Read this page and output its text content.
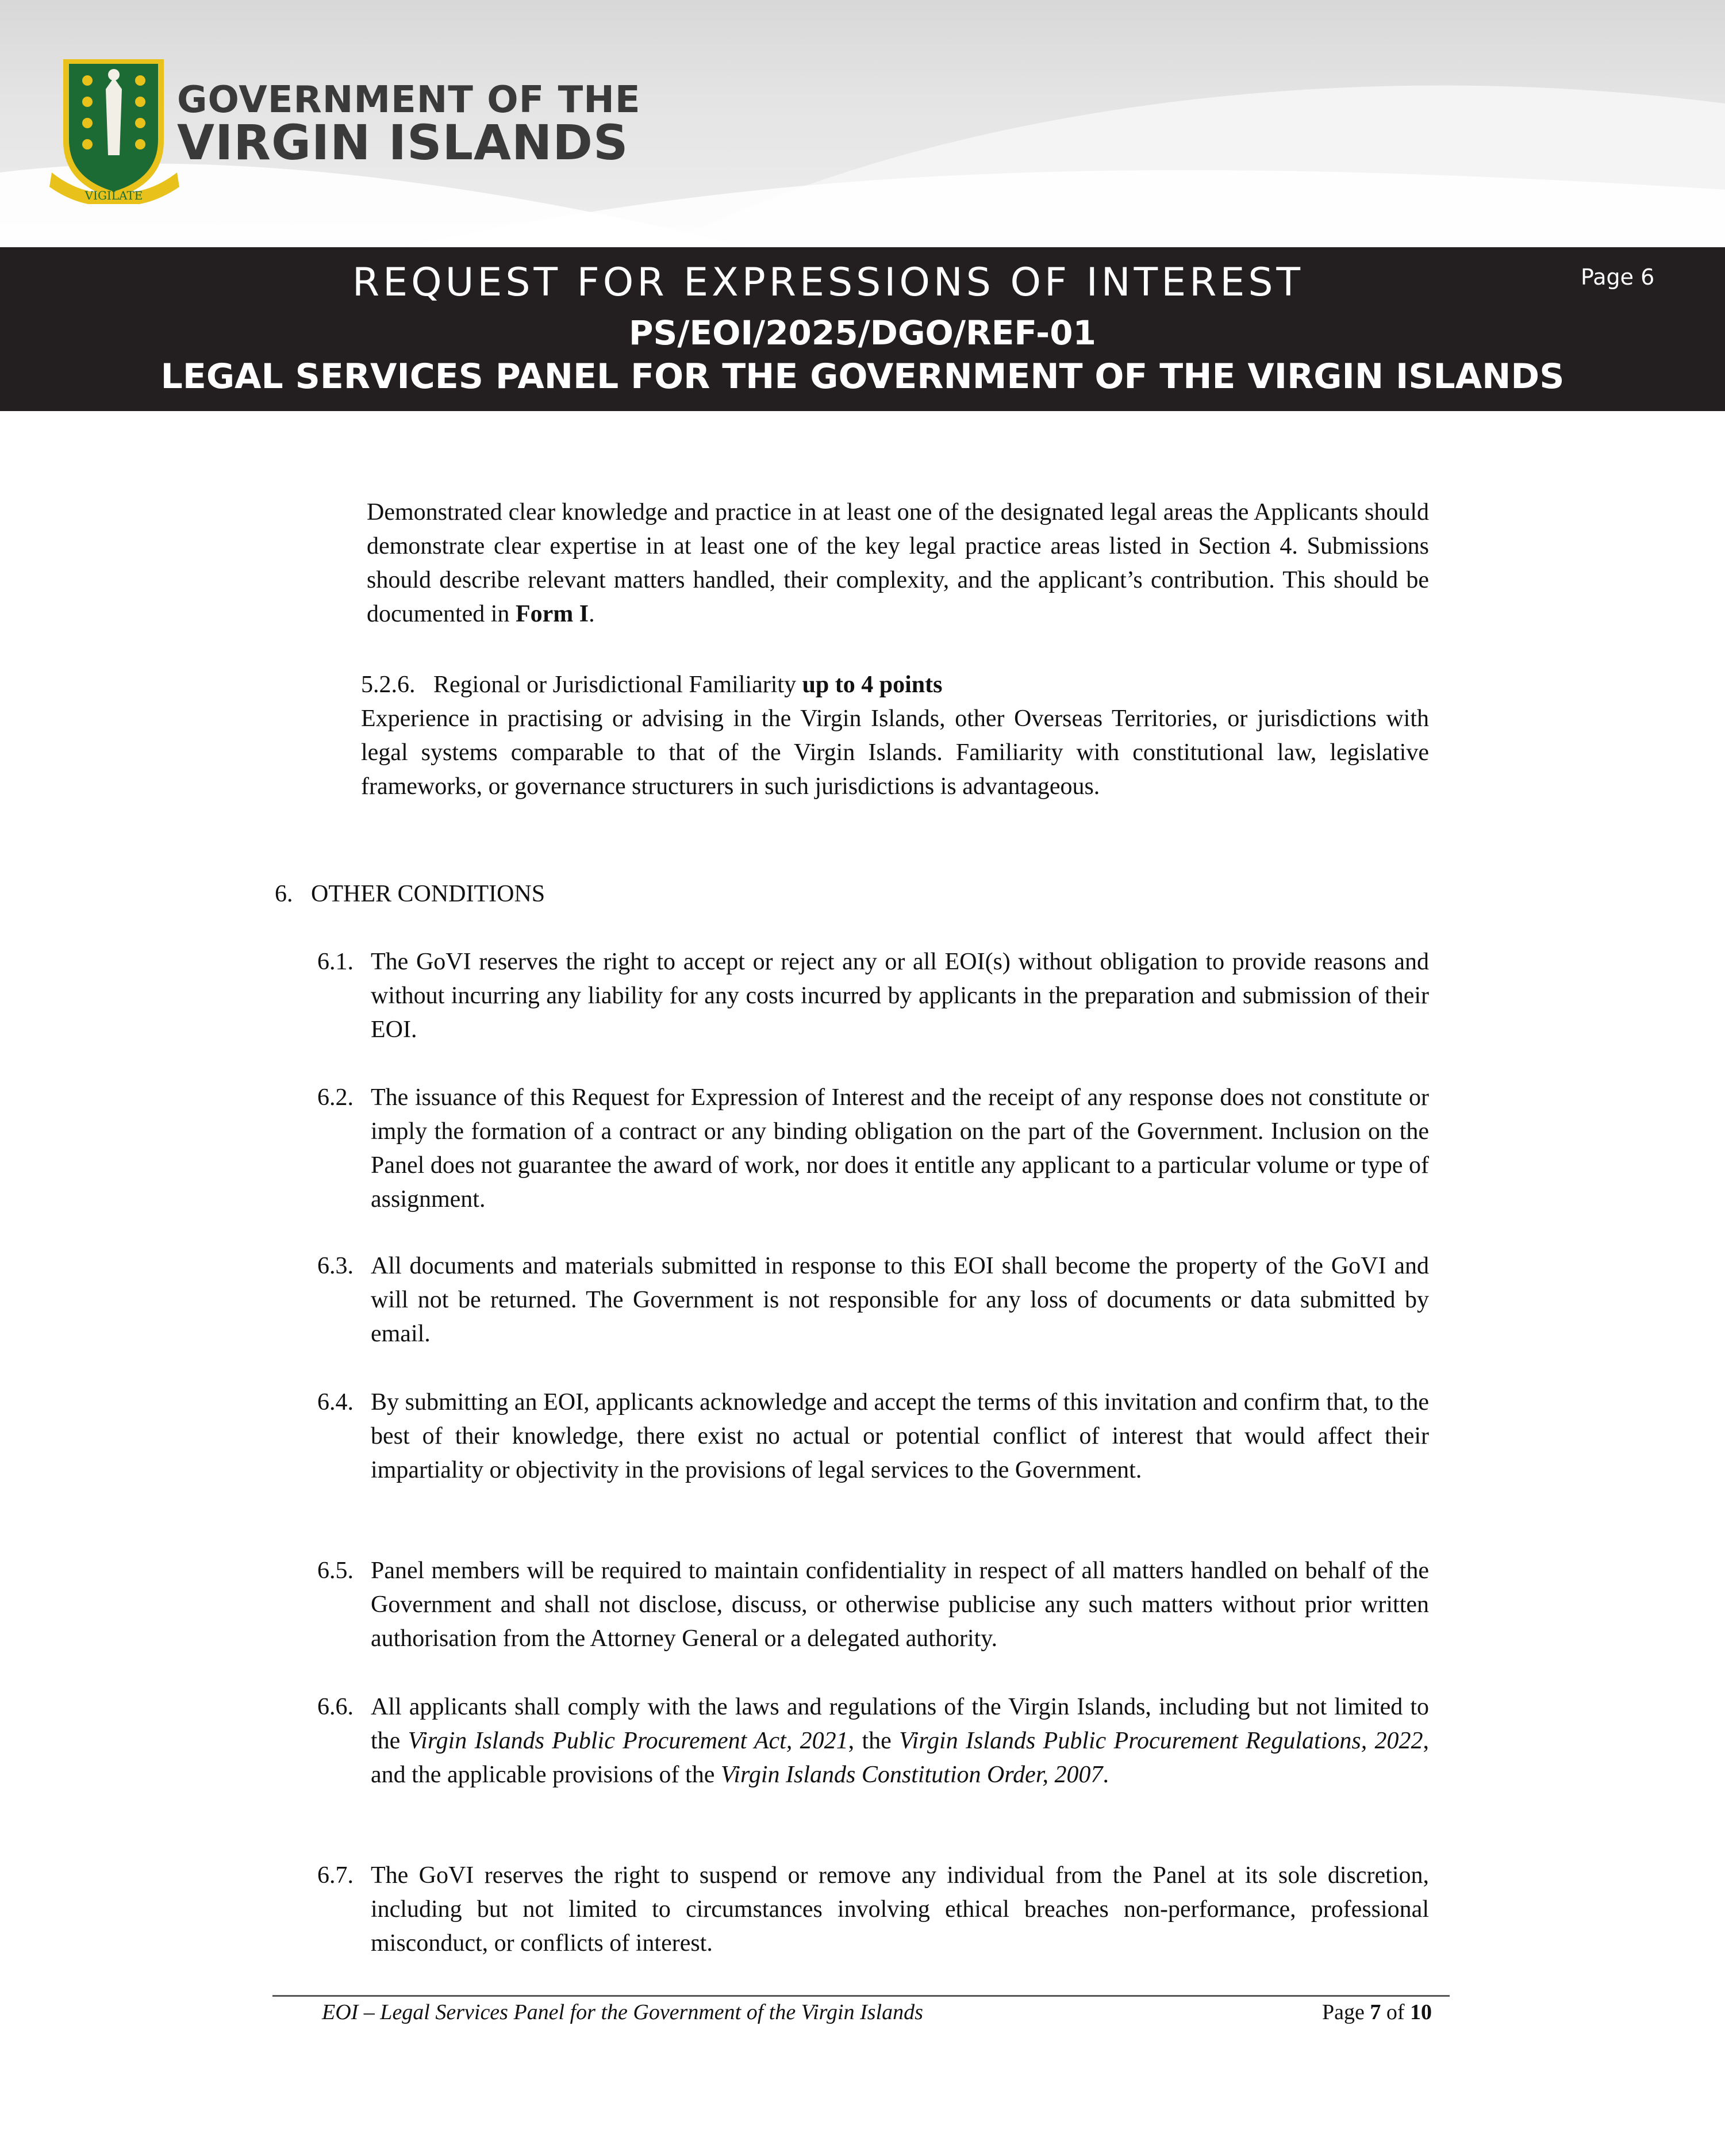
VIGILATE
GOVERNMENT OF THE
VIRGIN ISLANDS
REQUEST FOR EXPRESSIONS OF INTEREST
PS/EOI/2025/DGO/REF-01
LEGAL SERVICES PANEL FOR THE GOVERNMENT OF THE VIRGIN ISLANDS
Page 6
Demonstrated clear knowledge and practice in at least one of the designated legal areas the Applicants should demonstrate clear expertise in at least one of the key legal practice areas listed in Section 4. Submissions should describe relevant matters handled, their complexity, and the applicant’s contribution. This should be documented in Form I.
5.2.6. Regional or Jurisdictional Familiarity up to 4 points
Experience in practising or advising in the Virgin Islands, other Overseas Territories, or jurisdictions with legal systems comparable to that of the Virgin Islands. Familiarity with constitutional law, legislative frameworks, or governance structurers in such jurisdictions is advantageous.
6. OTHER CONDITIONS
6.1. The GoVI reserves the right to accept or reject any or all EOI(s) without obligation to provide reasons and without incurring any liability for any costs incurred by applicants in the preparation and submission of their EOI.
6.2. The issuance of this Request for Expression of Interest and the receipt of any response does not constitute or imply the formation of a contract or any binding obligation on the part of the Government. Inclusion on the Panel does not guarantee the award of work, nor does it entitle any applicant to a particular volume or type of assignment.
6.3. All documents and materials submitted in response to this EOI shall become the property of the GoVI and will not be returned. The Government is not responsible for any loss of documents or data submitted by email.
6.4. By submitting an EOI, applicants acknowledge and accept the terms of this invitation and confirm that, to the best of their knowledge, there exist no actual or potential conflict of interest that would affect their impartiality or objectivity in the provisions of legal services to the Government.
6.5. Panel members will be required to maintain confidentiality in respect of all matters handled on behalf of the Government and shall not disclose, discuss, or otherwise publicise any such matters without prior written authorisation from the Attorney General or a delegated authority.
6.6. All applicants shall comply with the laws and regulations of the Virgin Islands, including but not limited to the Virgin Islands Public Procurement Act, 2021, the Virgin Islands Public Procurement Regulations, 2022, and the applicable provisions of the Virgin Islands Constitution Order, 2007.
6.7. The GoVI reserves the right to suspend or remove any individual from the Panel at its sole discretion, including but not limited to circumstances involving ethical breaches non-performance, professional misconduct, or conflicts of interest.
EOI – Legal Services Panel for the Government of the Virgin Islands	Page 7 of 10
